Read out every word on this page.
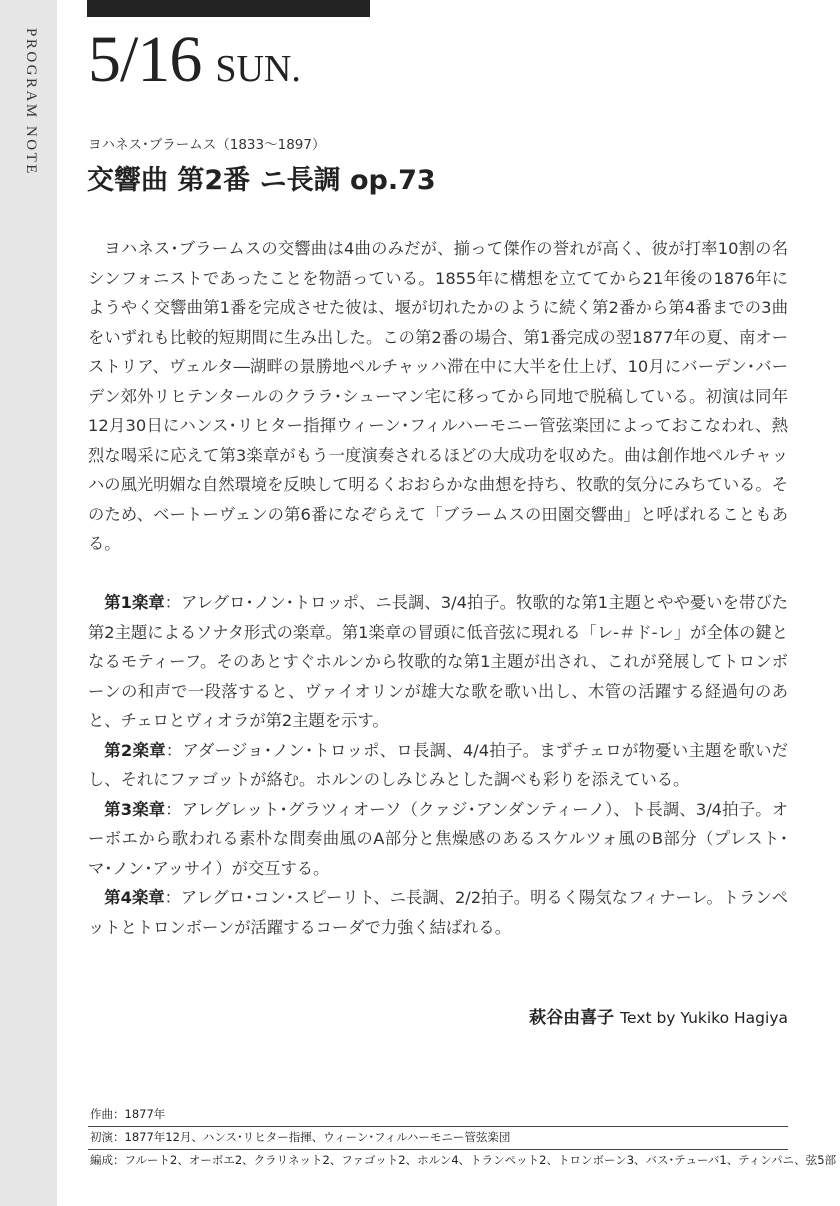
PROGRAM NOTE 5/16 SUN.
ヨハネス･ブラームス（1833～1897）
交響曲 第2番 ニ長調 op.73

ヨハネス･ブラームスの交響曲は4曲のみだが、揃って傑作の誉れが高く、彼が打率10割の名シンフォニストであったことを物語っている。1855年に構想を立ててから21年後の1876年にようやく交響曲第1番を完成させた彼は、堰が切れたかのように続く第2番から第4番までの3曲をいずれも比較的短期間に生み出した。この第2番の場合、第1番完成の翌1877年の夏、南オーストリア、ヴェルタ―湖畔の景勝地ペルチャッハ滞在中に大半を仕上げ、10月にバーデン･バーデン郊外リヒテンタールのクララ･シューマン宅に移ってから同地で脱稿している。初演は同年12月30日にハンス･リヒター指揮ウィーン･フィルハーモニー管弦楽団によっておこなわれ、熱烈な喝采に応えて第3楽章がもう一度演奏されるほどの大成功を収めた。曲は創作地ペルチャッハの風光明媚な自然環境を反映して明るくおおらかな曲想を持ち、牧歌的気分にみちている。そのため、ベートーヴェンの第6番になぞらえて「ブラームスの田園交響曲」と呼ばれることもある。

第1楽章：アレグロ･ノン･トロッポ、ニ長調、3/4拍子。牧歌的な第1主題とやや憂いを帯びた第2主題によるソナタ形式の楽章。第1楽章の冒頭に低音弦に現れる「レ-＃ド-レ」が全体の鍵となるモティーフ。そのあとすぐホルンから牧歌的な第1主題が出され、これが発展してトロンボーンの和声で一段落すると、ヴァイオリンが雄大な歌を歌い出し、木管の活躍する経過句のあと、チェロとヴィオラが第2主題を示す。

第2楽章：アダージョ･ノン･トロッポ、ロ長調、4/4拍子。まずチェロが物憂い主題を歌いだし、それにファゴットが絡む。ホルンのしみじみとした調べも彩りを添えている。

第3楽章：アレグレット･グラツィオーソ（クァジ･アンダンティーノ）、ト長調、3/4拍子。オーボエから歌われる素朴な間奏曲風のA部分と焦燥感のあるスケルツォ風のB部分（プレスト･マ･ノン･アッサイ）が交互する。

第4楽章：アレグロ･コン･スピーリト、ニ長調、2/2拍子。明るく陽気なフィナーレ。トランペットとトロンボーンが活躍するコーダで力強く結ばれる。

萩谷由喜子 Text by Yukiko Hagiya
作曲：1877年
初演：1877年12月、ハンス･リヒター指揮、ウィーン･フィルハーモニー管弦楽団
編成：フルート2、オーボエ2、クラリネット2、ファゴット2、ホルン4、トランペット2、トロンボーン3、バス･テューバ1、ティンパニ、弦5部
